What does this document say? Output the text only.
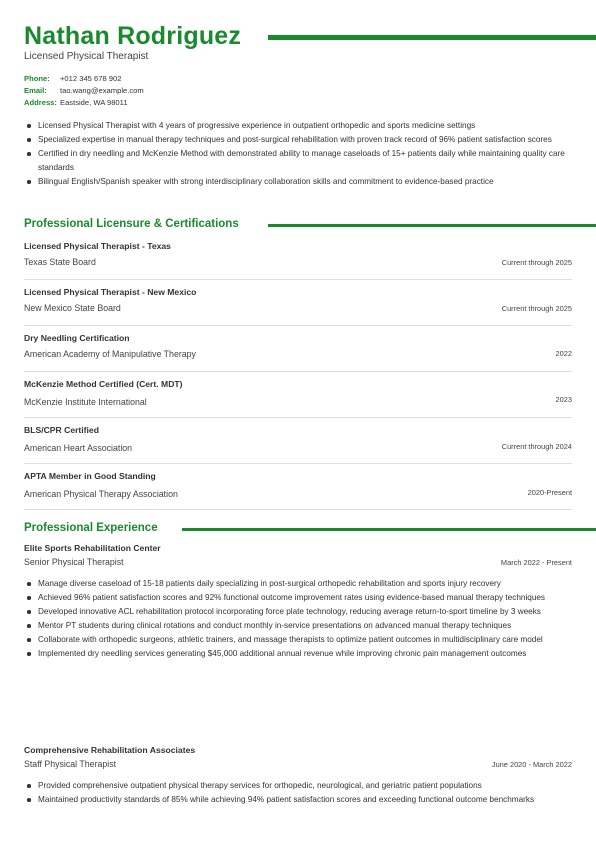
Nathan Rodriguez
Licensed Physical Therapist
Phone:	+012 345 678 902
Email:	tao.wang@example.com
Address: Eastside, WA 98011
Licensed Physical Therapist with 4 years of progressive experience in outpatient orthopedic and sports medicine settings
Specialized expertise in manual therapy techniques and post-surgical rehabilitation with proven track record of 96% patient satisfaction scores
Certified in dry needling and McKenzie Method with demonstrated ability to manage caseloads of 15+ patients daily while maintaining quality care standards
Bilingual English/Spanish speaker with strong interdisciplinary collaboration skills and commitment to evidence-based practice
Professional Licensure & Certifications
Licensed Physical Therapist - Texas
Texas State Board	Current through 2025
Licensed Physical Therapist - New Mexico
New Mexico State Board	Current through 2025
Dry Needling Certification
American Academy of Manipulative Therapy	2022
McKenzie Method Certified (Cert. MDT)
McKenzie Institute International	2023
BLS/CPR Certified
American Heart Association	Current through 2024
APTA Member in Good Standing
American Physical Therapy Association	2020-Present
Professional Experience
Elite Sports Rehabilitation Center
Senior Physical Therapist	March 2022 - Present
Manage diverse caseload of 15-18 patients daily specializing in post-surgical orthopedic rehabilitation and sports injury recovery
Achieved 96% patient satisfaction scores and 92% functional outcome improvement rates using evidence-based manual therapy techniques
Developed innovative ACL rehabilitation protocol incorporating force plate technology, reducing average return-to-sport timeline by 3 weeks
Mentor PT students during clinical rotations and conduct monthly in-service presentations on advanced manual therapy techniques
Collaborate with orthopedic surgeons, athletic trainers, and massage therapists to optimize patient outcomes in multidisciplinary care model
Implemented dry needling services generating $45,000 additional annual revenue while improving chronic pain management outcomes
Comprehensive Rehabilitation Associates
Staff Physical Therapist	June 2020 - March 2022
Provided comprehensive outpatient physical therapy services for orthopedic, neurological, and geriatric patient populations
Maintained productivity standards of 85% while achieving 94% patient satisfaction scores and exceeding functional outcome benchmarks
